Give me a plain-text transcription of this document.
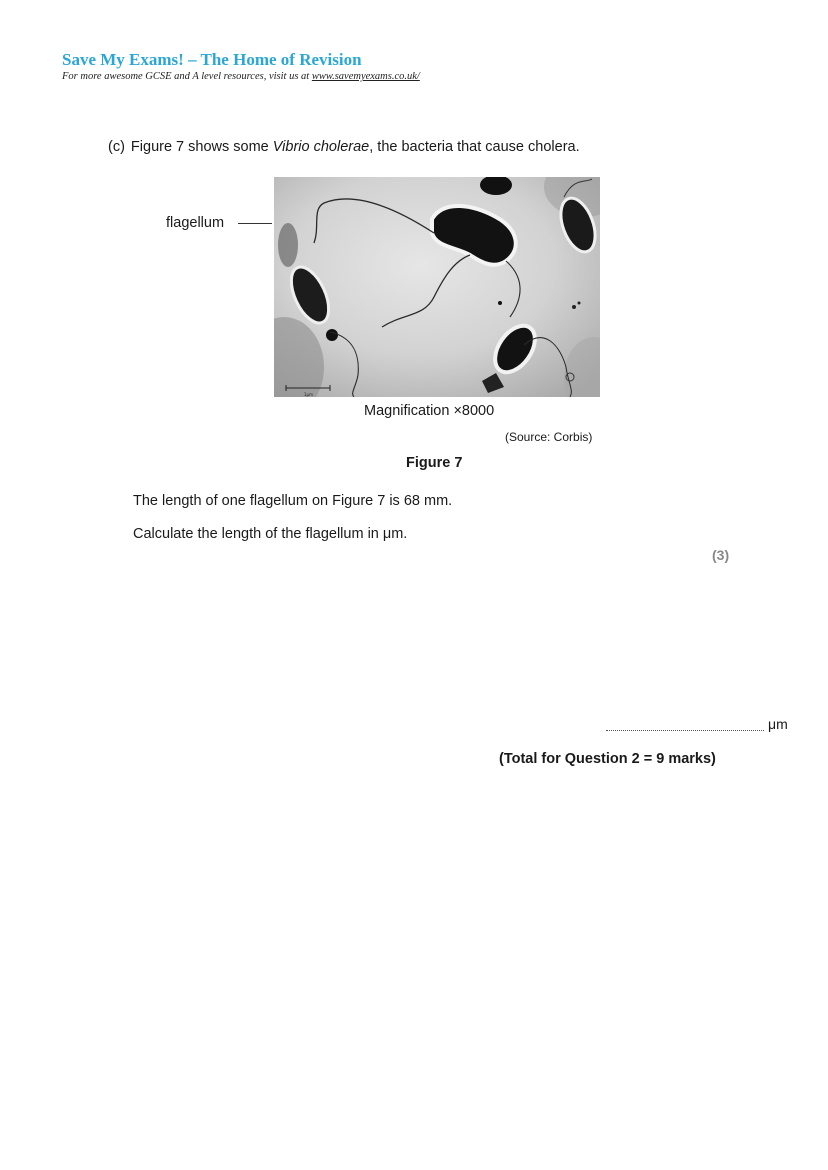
Save My Exams! – The Home of Revision
For more awesome GCSE and A level resources, visit us at www.savemyexams.co.uk/
(c) Figure 7 shows some Vibrio cholerae, the bacteria that cause cholera.
flagellum
1μm
Magnification ×8000
(Source: Corbis)
Figure 7
The length of one flagellum on Figure 7 is 68 mm.
Calculate the length of the flagellum in μm.
(3)
μm
(Total for Question 2 = 9 marks)
